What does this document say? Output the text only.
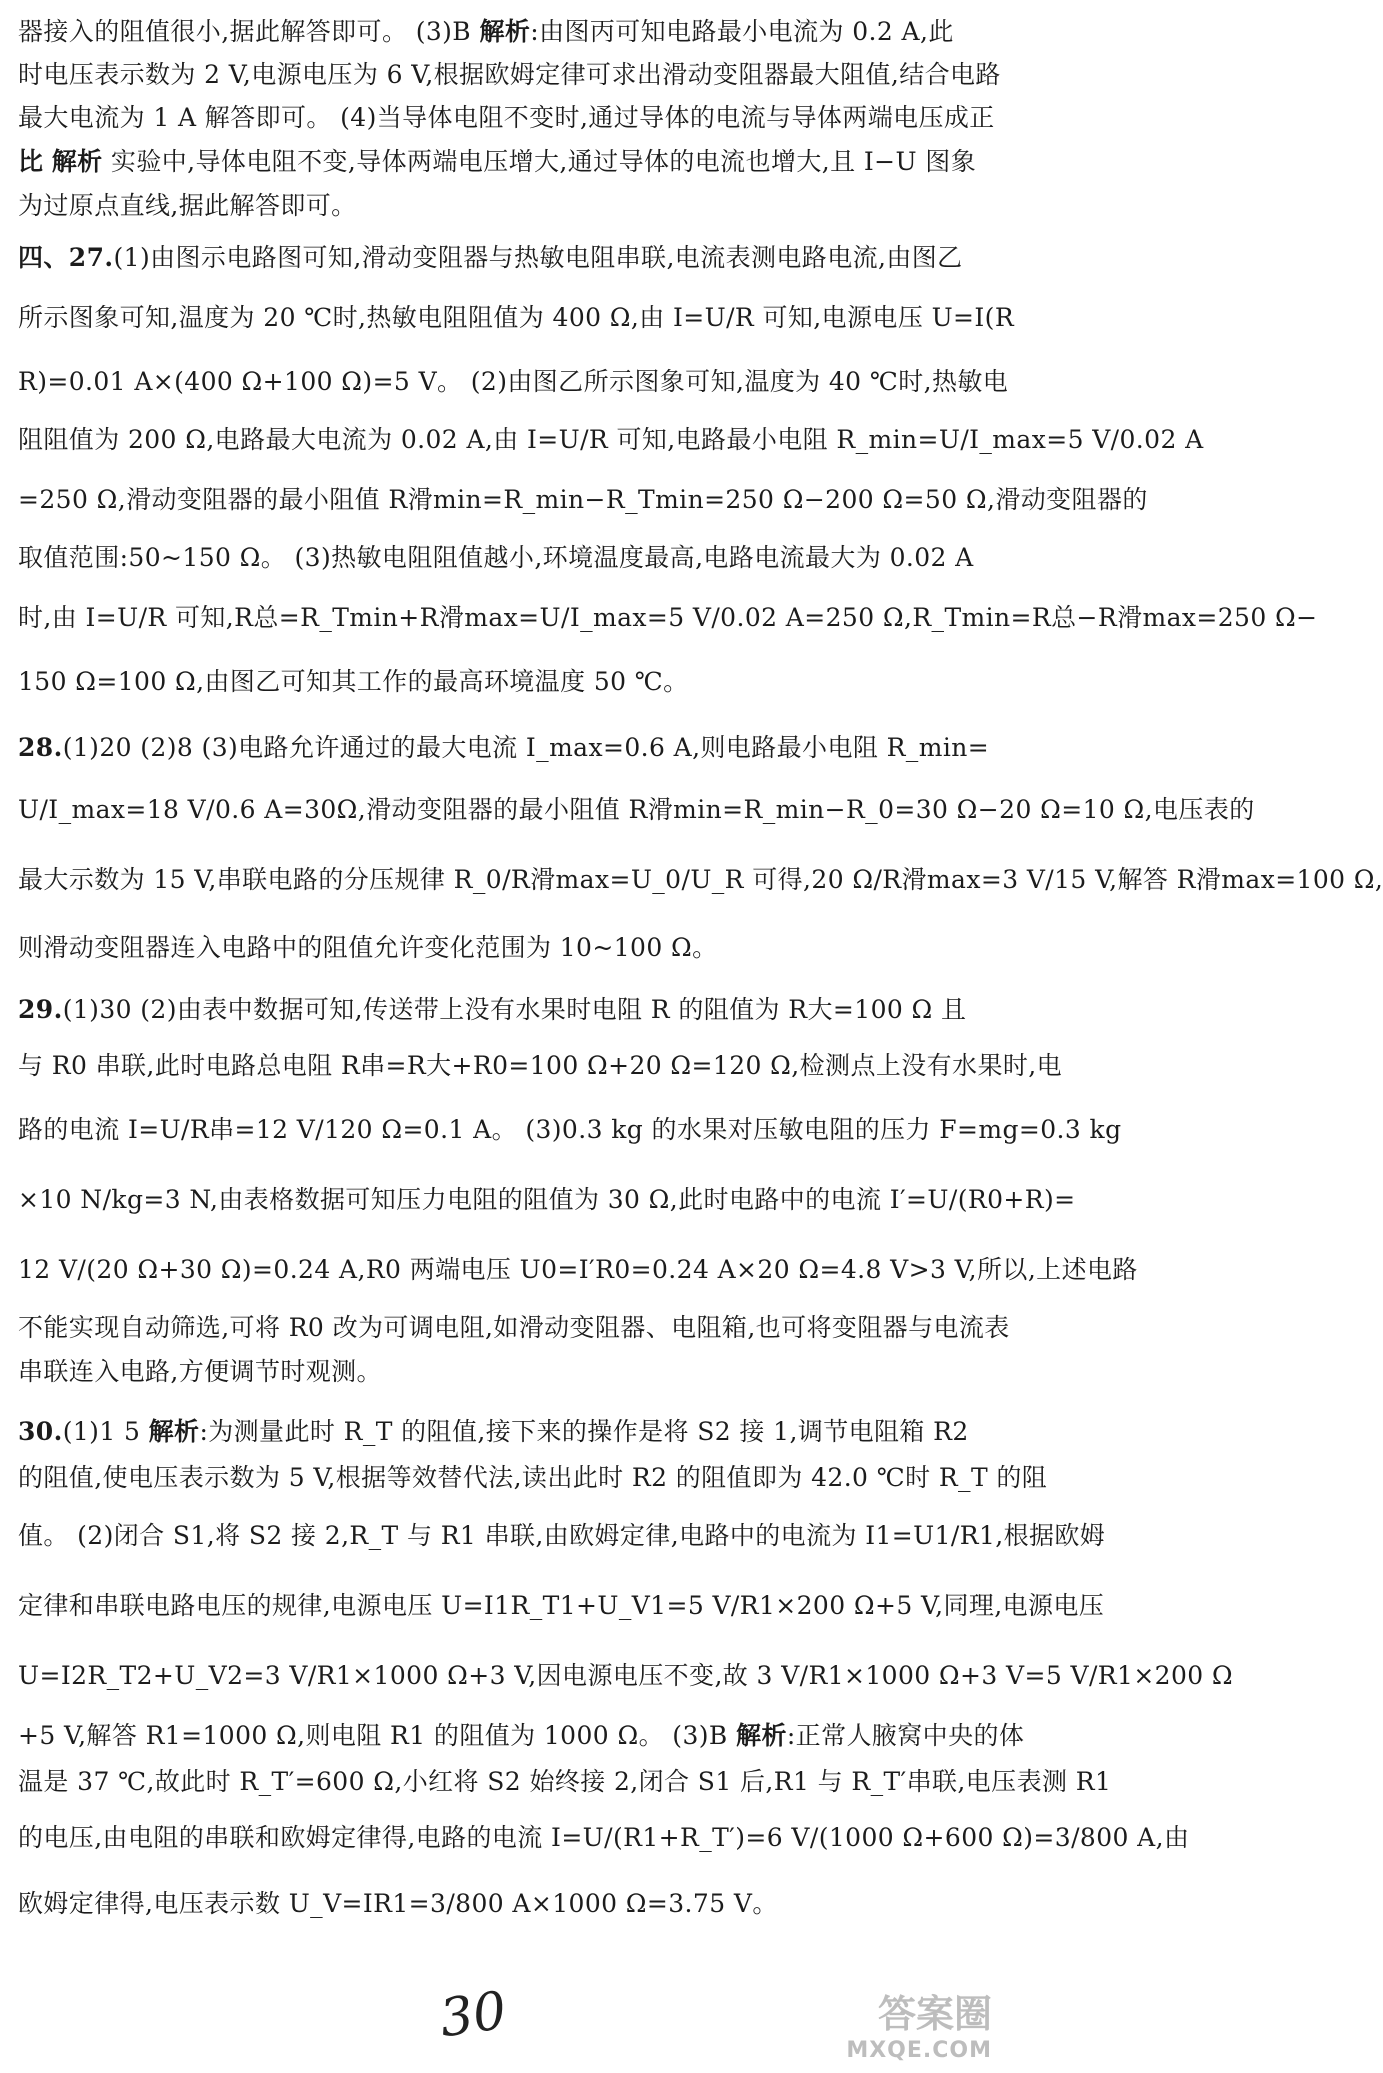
器接入的阻值很小,据此解答即可。 (3)B 解析:由图丙可知电路最小电流为 0.2 A,此
时电压表示数为 2 V,电源电压为 6 V,根据欧姆定律可求出滑动变阻器最大阻值,结合电路
最大电流为 1 A 解答即可。 (4)当导体电阻不变时,通过导体的电流与导体两端电压成正
比 解析 实验中,导体电阻不变,导体两端电压增大,通过导体的电流也增大,且 I−U 图象
为过原点直线,据此解答即可。
四、27.(1)由图示电路图可知,滑动变阻器与热敏电阻串联,电流表测电路电流,由图乙
所示图象可知,温度为 20 ℃时,热敏电阻阻值为 400 Ω,由 I=U/R 可知,电源电压 U=I(R
R)=0.01 A×(400 Ω+100 Ω)=5 V。 (2)由图乙所示图象可知,温度为 40 ℃时,热敏电
阻阻值为 200 Ω,电路最大电流为 0.02 A,由 I=U/R 可知,电路最小电阻 R_min=U/I_max=5 V/0.02 A
=250 Ω,滑动变阻器的最小阻值 R滑min=R_min−R_Tmin=250 Ω−200 Ω=50 Ω,滑动变阻器的
取值范围:50~150 Ω。 (3)热敏电阻阻值越小,环境温度最高,电路电流最大为 0.02 A
时,由 I=U/R 可知,R总=R_Tmin+R滑max=U/I_max=5 V/0.02 A=250 Ω,R_Tmin=R总−R滑max=250 Ω−
150 Ω=100 Ω,由图乙可知其工作的最高环境温度 50 ℃。
28.(1)20 (2)8 (3)电路允许通过的最大电流 I_max=0.6 A,则电路最小电阻 R_min=
U/I_max=18 V/0.6 A=30Ω,滑动变阻器的最小阻值 R滑min=R_min−R_0=30 Ω−20 Ω=10 Ω,电压表的
最大示数为 15 V,串联电路的分压规律 R_0/R滑max=U_0/U_R 可得,20 Ω/R滑max=3 V/15 V,解答 R滑max=100 Ω,
则滑动变阻器连入电路中的阻值允许变化范围为 10~100 Ω。
29.(1)30 (2)由表中数据可知,传送带上没有水果时电阻 R 的阻值为 R大=100 Ω 且
与 R0 串联,此时电路总电阻 R串=R大+R0=100 Ω+20 Ω=120 Ω,检测点上没有水果时,电
路的电流 I=U/R串=12 V/120 Ω=0.1 A。 (3)0.3 kg 的水果对压敏电阻的压力 F=mg=0.3 kg
×10 N/kg=3 N,由表格数据可知压力电阻的阻值为 30 Ω,此时电路中的电流 I′=U/(R0+R)=
12 V/(20 Ω+30 Ω)=0.24 A,R0 两端电压 U0=I′R0=0.24 A×20 Ω=4.8 V>3 V,所以,上述电路
不能实现自动筛选,可将 R0 改为可调电阻,如滑动变阻器、电阻箱,也可将变阻器与电流表
串联连入电路,方便调节时观测。
30.(1)1 5 解析:为测量此时 R_T 的阻值,接下来的操作是将 S2 接 1,调节电阻箱 R2
的阻值,使电压表示数为 5 V,根据等效替代法,读出此时 R2 的阻值即为 42.0 ℃时 R_T 的阻
值。 (2)闭合 S1,将 S2 接 2,R_T 与 R1 串联,由欧姆定律,电路中的电流为 I1=U1/R1,根据欧姆
定律和串联电路电压的规律,电源电压 U=I1R_T1+U_V1=5 V/R1×200 Ω+5 V,同理,电源电压
U=I2R_T2+U_V2=3 V/R1×1000 Ω+3 V,因电源电压不变,故 3 V/R1×1000 Ω+3 V=5 V/R1×200 Ω
+5 V,解答 R1=1000 Ω,则电阻 R1 的阻值为 1000 Ω。 (3)B 解析:正常人腋窝中央的体
温是 37 ℃,故此时 R_T′=600 Ω,小红将 S2 始终接 2,闭合 S1 后,R1 与 R_T′串联,电压表测 R1
的电压,由电阻的串联和欧姆定律得,电路的电流 I=U/(R1+R_T′)=6 V/(1000 Ω+600 Ω)=3/800 A,由
欧姆定律得,电压表示数 U_V=IR1=3/800 A×1000 Ω=3.75 V。
30	答案圈
MXQE.COM
